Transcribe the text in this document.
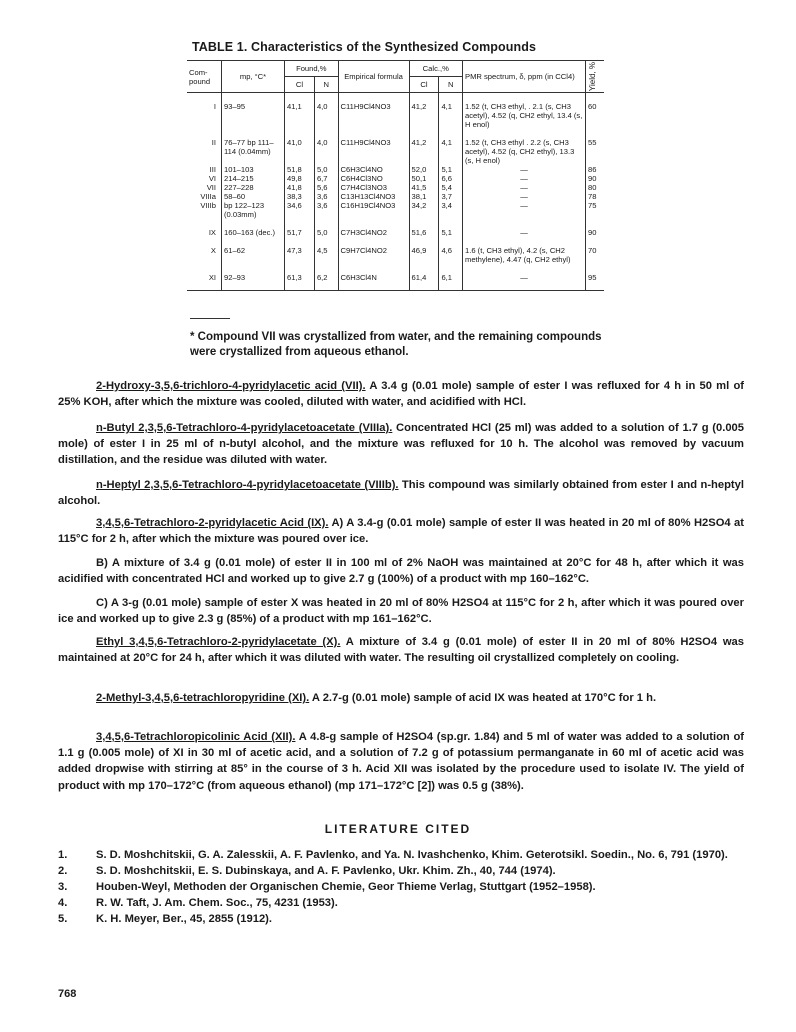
TABLE 1. Characteristics of the Synthesized Compounds
Com-pound	mp, °C*	Found,%		Empirical formula	Calc.,%		PMR spectrum, δ, ppm (in CCl4)	Yield, %

		Cl	N		Cl	N		
I	93–95	41,1	4,0	C11H9Cl4NO3	41,2	4,1	1.52 (t, CH3 ethyl, . 2.1 (s, CH3 acetyl), 4.52 (q, CH2 ethyl, 13.4 (s, H enol)	60
II	76–77 bp 111–114 (0.04mm)	41,0	4,0	C11H9Cl4NO3	41,2	4,1	1.52 (t, CH3 ethyl . 2.2 (s, CH3 acetyl), 4.52 (q, CH2 ethyl), 13.3 (s, H enol)	55
III	101–103	51,8	5,0	C6H3Cl4NO	52,0	5,1	—	86
VI	214–215	49,8	6,7	C6H4Cl3NO	50,1	6,6	—	90
VII	227–228	41,8	5,6	C7H4Cl3NO3	41,5	5,4	—	80
VIIIa	58–60	38,3	3,6	C13H13Cl4NO3	38,1	3,7	—	78
VIIIb	bp 122–123 (0.03mm)	34,6	3,6	C16H19Cl4NO3	34,2	3,4	—	75
IX	160–163 (dec.)	51,7	5,0	C7H3Cl4NO2	51,6	5,1	—	90
X	61–62	47,3	4,5	C9H7Cl4NO2	46,9	4,6	1.6 (t, CH3 ethyl), 4.2 (s, CH2 methylene), 4.47 (q, CH2 ethyl)	70
XI	92–93	61,3	6,2	C6H3Cl4N	61,4	6,1	—	95
* Compound VII was crystallized from water, and the remaining compounds were crystallized from aqueous ethanol.
2-Hydroxy-3,5,6-trichloro-4-pyridylacetic acid (VII). A 3.4 g (0.01 mole) sample of ester I was refluxed for 4 h in 50 ml of 25% KOH, after which the mixture was cooled, diluted with water, and acidified with HCl.
n-Butyl 2,3,5,6-Tetrachloro-4-pyridylacetoacetate (VIIIa). Concentrated HCl (25 ml) was added to a solution of 1.7 g (0.005 mole) of ester I in 25 ml of n-butyl alcohol, and the mixture was refluxed for 10 h. The alcohol was removed by vacuum distillation, and the residue was diluted with water.
n-Heptyl 2,3,5,6-Tetrachloro-4-pyridylacetoacetate (VIIIb). This compound was similarly obtained from ester I and n-heptyl alcohol.
3,4,5,6-Tetrachloro-2-pyridylacetic Acid (IX). A) A 3.4-g (0.01 mole) sample of ester II was heated in 20 ml of 80% H2SO4 at 115°C for 2 h, after which the mixture was poured over ice.
B) A mixture of 3.4 g (0.01 mole) of ester II in 100 ml of 2% NaOH was maintained at 20°C for 48 h, after which it was acidified with concentrated HCl and worked up to give 2.7 g (100%) of a product with mp 160–162°C.
C) A 3-g (0.01 mole) sample of ester X was heated in 20 ml of 80% H2SO4 at 115°C for 2 h, after which it was poured over ice and worked up to give 2.3 g (85%) of a product with mp 161–162°C.
Ethyl 3,4,5,6-Tetrachloro-2-pyridylacetate (X). A mixture of 3.4 g (0.01 mole) of ester II in 20 ml of 80% H2SO4 was maintained at 20°C for 24 h, after which it was diluted with water. The resulting oil crystallized completely on cooling.
2-Methyl-3,4,5,6-tetrachloropyridine (XI). A 2.7-g (0.01 mole) sample of acid IX was heated at 170°C for 1 h.
3,4,5,6-Tetrachloropicolinic Acid (XII). A 4.8-g sample of H2SO4 (sp.gr. 1.84) and 5 ml of water was added to a solution of 1.1 g (0.005 mole) of XI in 30 ml of acetic acid, and a solution of 7.2 g of potassium permanganate in 60 ml of acetic acid was added dropwise with stirring at 85° in the course of 3 h. Acid XII was isolated by the procedure used to isolate IV. The yield of product with mp 170–172°C (from aqueous ethanol) (mp 171–172°C [2]) was 0.5 g (38%).
LITERATURE CITED
1.	S. D. Moshchitskii, G. A. Zalesskii, A. F. Pavlenko, and Ya. N. Ivashchenko, Khim. Geterotsikl. Soedin., No. 6, 791 (1970).
2.	S. D. Moshchitskii, E. S. Dubinskaya, and A. F. Pavlenko, Ukr. Khim. Zh., 40, 744 (1974).
3.	Houben-Weyl, Methoden der Organischen Chemie, Geor Thieme Verlag, Stuttgart (1952–1958).
4.	R. W. Taft, J. Am. Chem. Soc., 75, 4231 (1953).
5.	K. H. Meyer, Ber., 45, 2855 (1912).
768
